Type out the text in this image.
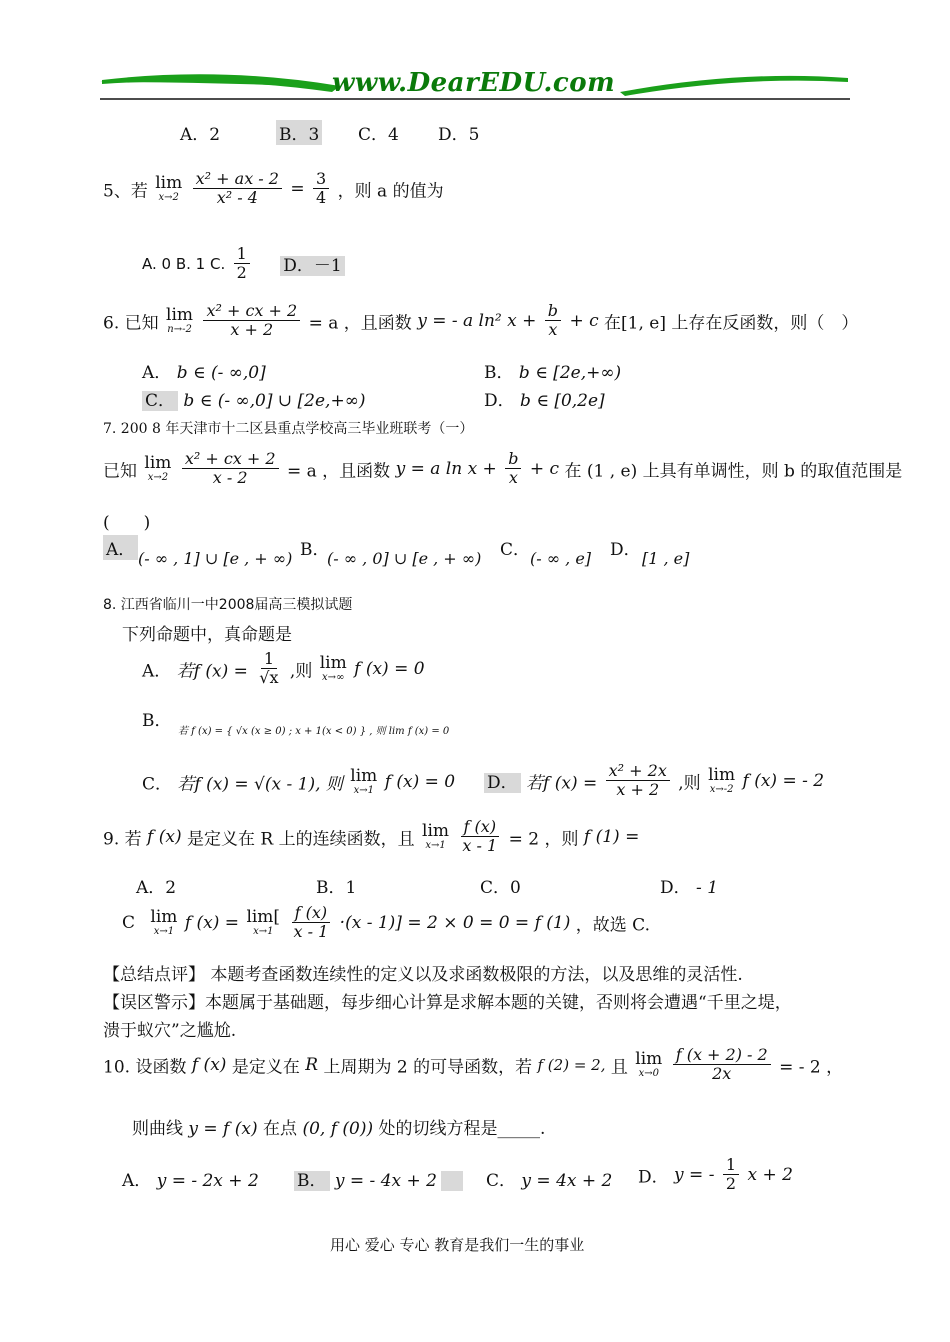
www.DearEDU.com
A．2	B．3 C．4 D．5
5、若 lim
x→2
$\frac{\text{x² + ax - 2}}{\text{x² - 4}} = \frac{3}{4}$ ，则 a 的值为
A. 0 B. 1 C. $\frac{1}{2}$ D．－1
6. 已知 lim
n→-2
$\frac{\text{x² + cx + 2}}{x + 2} = a$ ，且函数 y = - a ln² $x + \frac{b}{x} + c$ 在[1, e] 上存在反函数，则（　）
A． b ∈ (- ∞,0]	B． b ∈ [2e,+∞)
C． b ∈ (- ∞,0] ∪ [2e,+∞)	D． b ∈ [0,2e]
7. 200 8 年天津市十二区县重点学校高三毕业班联考（一）
已知 lim
x→2
$\frac{\text{x² + cx + 2}}{x - 2} = a$ ，且函数 y = a $\ln x + \frac{b}{x} + c$ 在 (1 , e) 上具有单调性，则 b 的取值范围是
(　　)
A． (- ∞ , 1] ∪ [e , + ∞) B．
(- ∞ , 0] ∪ [e , + ∞) C． (- ∞ , e] D． [1 , e]
8. 江西省临川一中2008届高三模拟试题
下列命题中，真命题是
A． 若f $(x) = \frac{1}{√x}$ ,则 lim
x→∞ f (x) = 0
B．
若 f (x) = { √x (x ≥ 0) ; x + 1(x < 0) } , 则 lim f (x) = 0
C． 若f (x) = √(x - 1), 则 lim
x→1 f (x) = 0 D． 若f $(x) = \frac{\text{x² + 2x}}{x + 2}$ ,则 lim
x→-2 f (x) = - 2
9. 若 f (x) 是定义在 R 上的连续函数，且 lim
x→1
$\frac{f (x)}{x - 1} = 2$ ，则 f (1) =
A．2	B．1	C．0	D． - 1
C lim
x→1 f (x) = lim[
x→1
$\frac{f (x)}{x - 1} \cdot(x - 1)] = 2 \times 0 = 0 = f$ (1) ，故选 C.
【总结点评】 本题考查函数连续性的定义以及求函数极限的方法，以及思维的灵活性.
【误区警示】本题属于基础题，每步细心计算是求解本题的关键，否则将会遭遇“千里之堤，
溃于蚁穴”之尴尬.
10. 设函数 f (x) 是定义在 R 上周期为 2 的可导函数，若 f (2) = 2, 且 lim
x→0
$\frac{f (x + 2) - 2}{2x}$ = - 2 ，
则曲线 y = f (x) 在点 (0, f (0)) 处的切线方程是_____.
A． y = - 2x + 2 B． y = - 4x + 2	C． y = 4x + 2 D． y = - $\frac{1}{2}$ x + 2
用心 爱心 专心 教育是我们一生的事业
